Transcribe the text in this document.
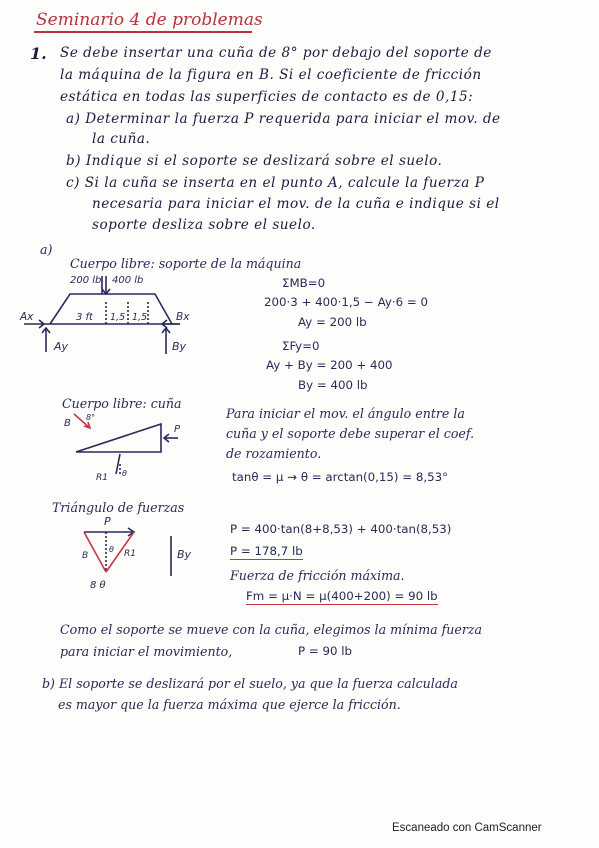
Seminario 4 de problemas
1. Se debe insertar una cuña de 8° por debajo del soporte de
la máquina de la figura en B. Si el coeficiente de fricción
estática en todas las superficies de contacto es de 0,15:
a) Determinar la fuerza P requerida para iniciar el mov. de
la cuña.
b) Indique si el soporte se deslizará sobre el suelo.
c) Si la cuña se inserta en el punto A, calcule la fuerza P
necesaria para iniciar el mov. de la cuña e indique si el
soporte desliza sobre el suelo.
a)
Cuerpo libre: soporte de la máquina
200 lb 400 lb
3 ft 1,5 1,5
Ax
Ay
Bx
By
ΣMB=0
200·3 + 400·1,5 − Ay·6 = 0
Ay = 200 lb
ΣFy=0
Ay + By = 200 + 400
By = 400 lb
Cuerpo libre: cuña
B
8°
P
R1 θ
Para iniciar el mov. el ángulo entre la
cuña y el soporte debe superar el coef.
de rozamiento.
tanθ = μ → θ = arctan(0,15) = 8,53°
Triángulo de fuerzas
P
B	R1
θ
8 θ
By
P = 400·tan(8+8,53) + 400·tan(8,53)
P = 178,7 lb
Fuerza de fricción máxima.
Fm = μ·N = μ(400+200) = 90 lb
Como el soporte se mueve con la cuña, elegimos la mínima fuerza
para iniciar el movimiento,	P = 90 lb
b) El soporte se deslizará por el suelo, ya que la fuerza calculada
es mayor que la fuerza máxima que ejerce la fricción.
Escaneado con CamScanner
